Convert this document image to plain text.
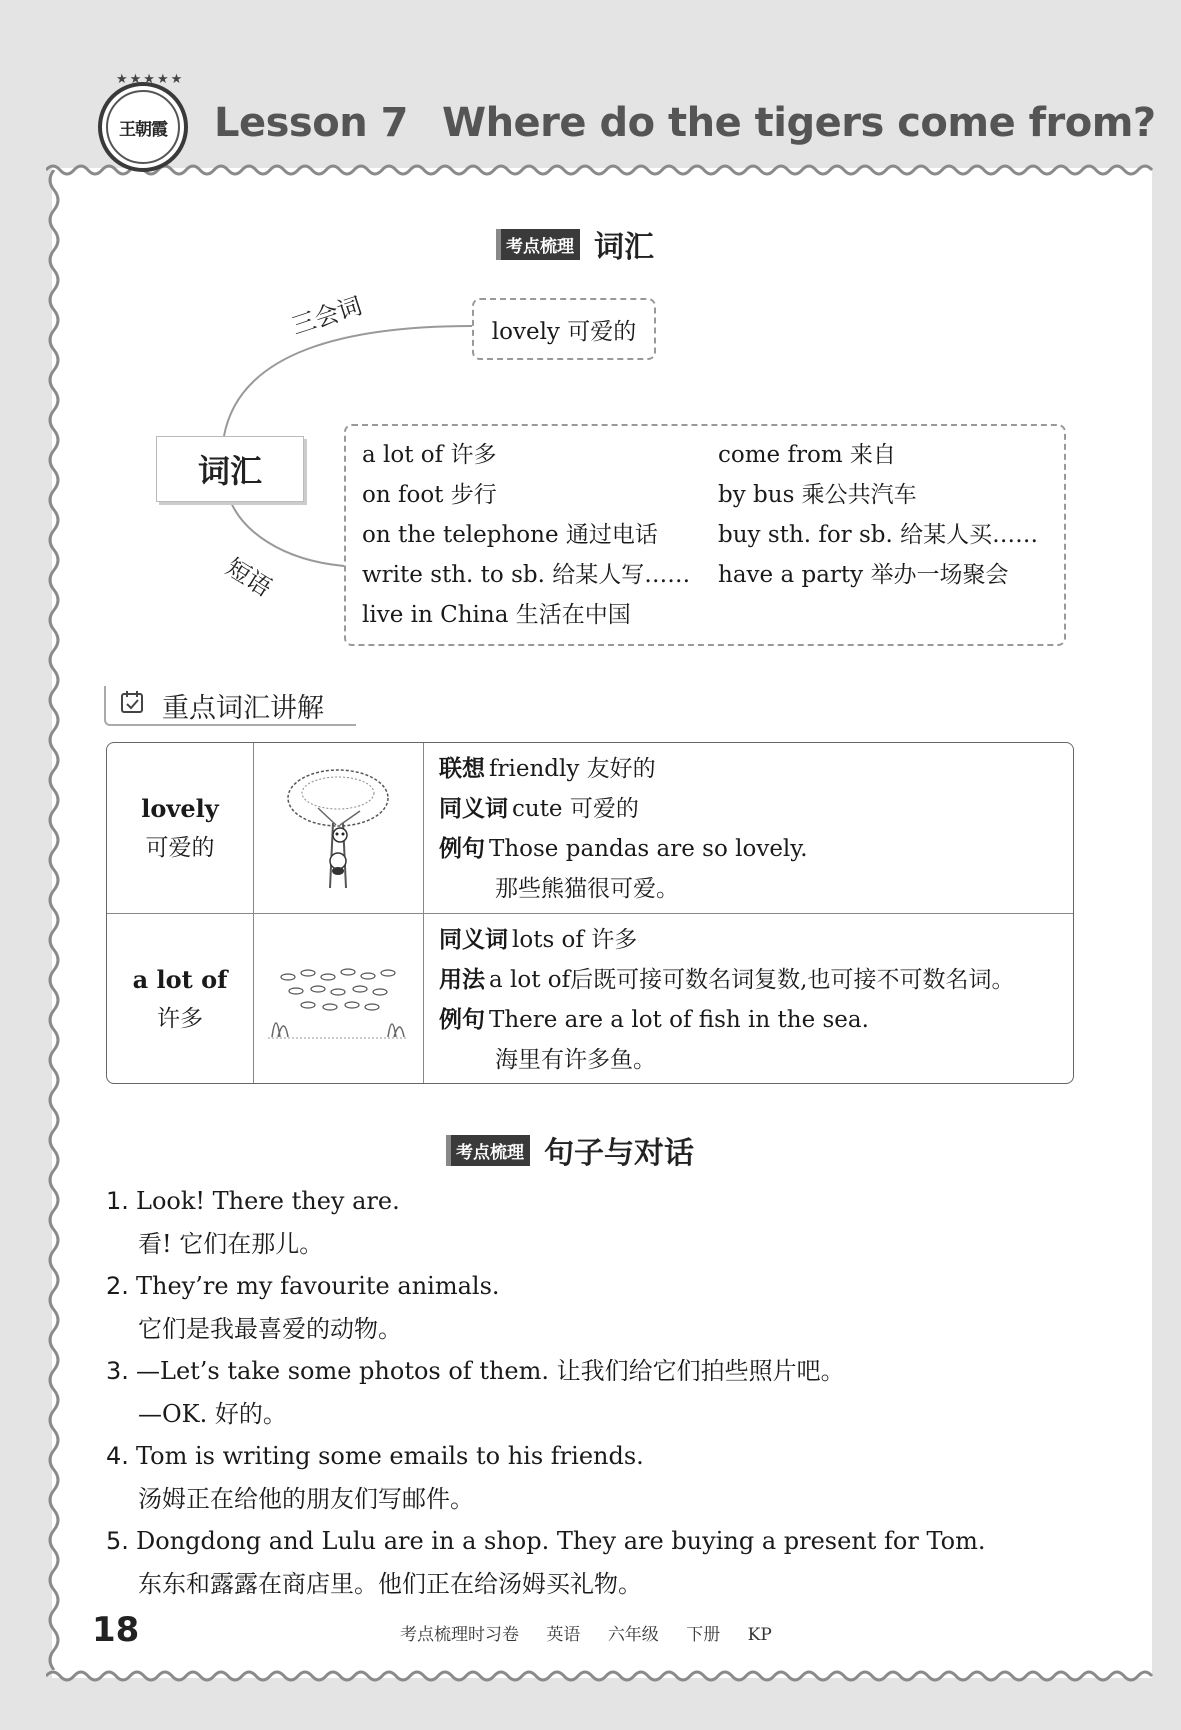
★★★★★
王朝霞	Lesson 7 Where do the tigers come from?
考点梳理 词汇
词汇
三会词
短语
lovely 可爱的
a lot of 许多
on foot 步行
on the telephone 通过电话
write sth. to sb. 给某人写……
live in China 生活在中国
come from 来自
by bus 乘公共汽车
buy sth. for sb. 给某人买……
have a party 举办一场聚会
重点词汇讲解
lovely
可爱的
联想 friendly 友好的
同义词 cute 可爱的
例句 Those pandas are so lovely.
那些熊猫很可爱。
a lot of
许多
同义词 lots of 许多
用法 a lot of后既可接可数名词复数,也可接不可数名词。
例句 There are a lot of fish in the sea.
海里有许多鱼。
考点梳理 句子与对话
1. Look! There they are.
看! 它们在那儿。
2. They’re my favourite animals.
它们是我最喜爱的动物。
3. —Let’s take some photos of them. 让我们给它们拍些照片吧。
—OK. 好的。
4. Tom is writing some emails to his friends.
汤姆正在给他的朋友们写邮件。
5. Dongdong and Lulu are in a shop. They are buying a present for Tom.
东东和露露在商店里。他们正在给汤姆买礼物。
18	考点梳理时习卷 英语 六年级 下册 KP
